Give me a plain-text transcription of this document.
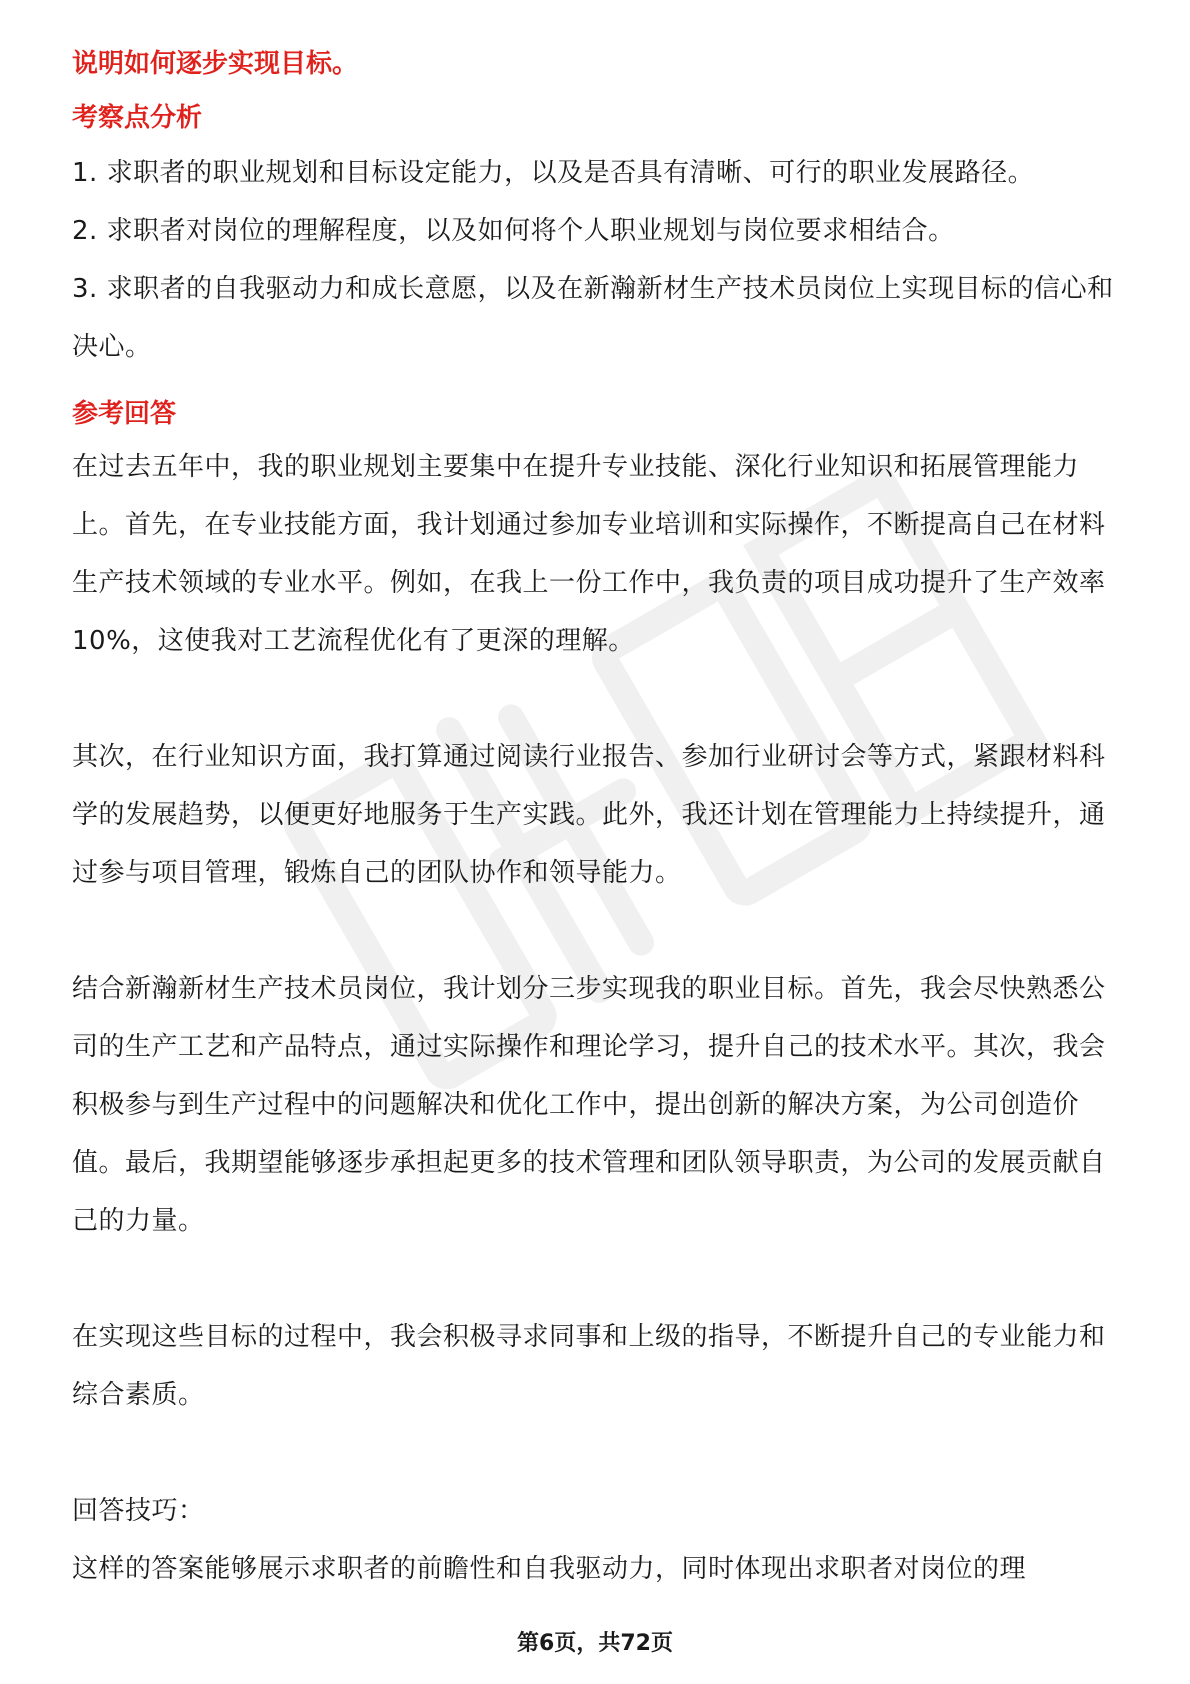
说明如何逐步实现目标。

考察点分析

1. 求职者的职业规划和目标设定能力，以及是否具有清晰、可行的职业发展路径。

2. 求职者对岗位的理解程度，以及如何将个人职业规划与岗位要求相结合。

3. 求职者的自我驱动力和成长意愿，以及在新瀚新材生产技术员岗位上实现目标的信心和决心。

参考回答

在过去五年中，我的职业规划主要集中在提升专业技能、深化行业知识和拓展管理能力上。首先，在专业技能方面，我计划通过参加专业培训和实际操作，不断提高自己在材料生产技术领域的专业水平。例如，在我上一份工作中，我负责的项目成功提升了生产效率10%，这使我对工艺流程优化有了更深的理解。

其次，在行业知识方面，我打算通过阅读行业报告、参加行业研讨会等方式，紧跟材料科学的发展趋势，以便更好地服务于生产实践。此外，我还计划在管理能力上持续提升，通过参与项目管理，锻炼自己的团队协作和领导能力。

结合新瀚新材生产技术员岗位，我计划分三步实现我的职业目标。首先，我会尽快熟悉公司的生产工艺和产品特点，通过实际操作和理论学习，提升自己的技术水平。其次，我会积极参与到生产过程中的问题解决和优化工作中，提出创新的解决方案，为公司创造价值。最后，我期望能够逐步承担起更多的技术管理和团队领导职责，为公司的发展贡献自己的力量。

在实现这些目标的过程中，我会积极寻求同事和上级的指导，不断提升自己的专业能力和综合素质。

回答技巧：

这样的答案能够展示求职者的前瞻性和自我驱动力，同时体现出求职者对岗位的理

第6页，共72页
